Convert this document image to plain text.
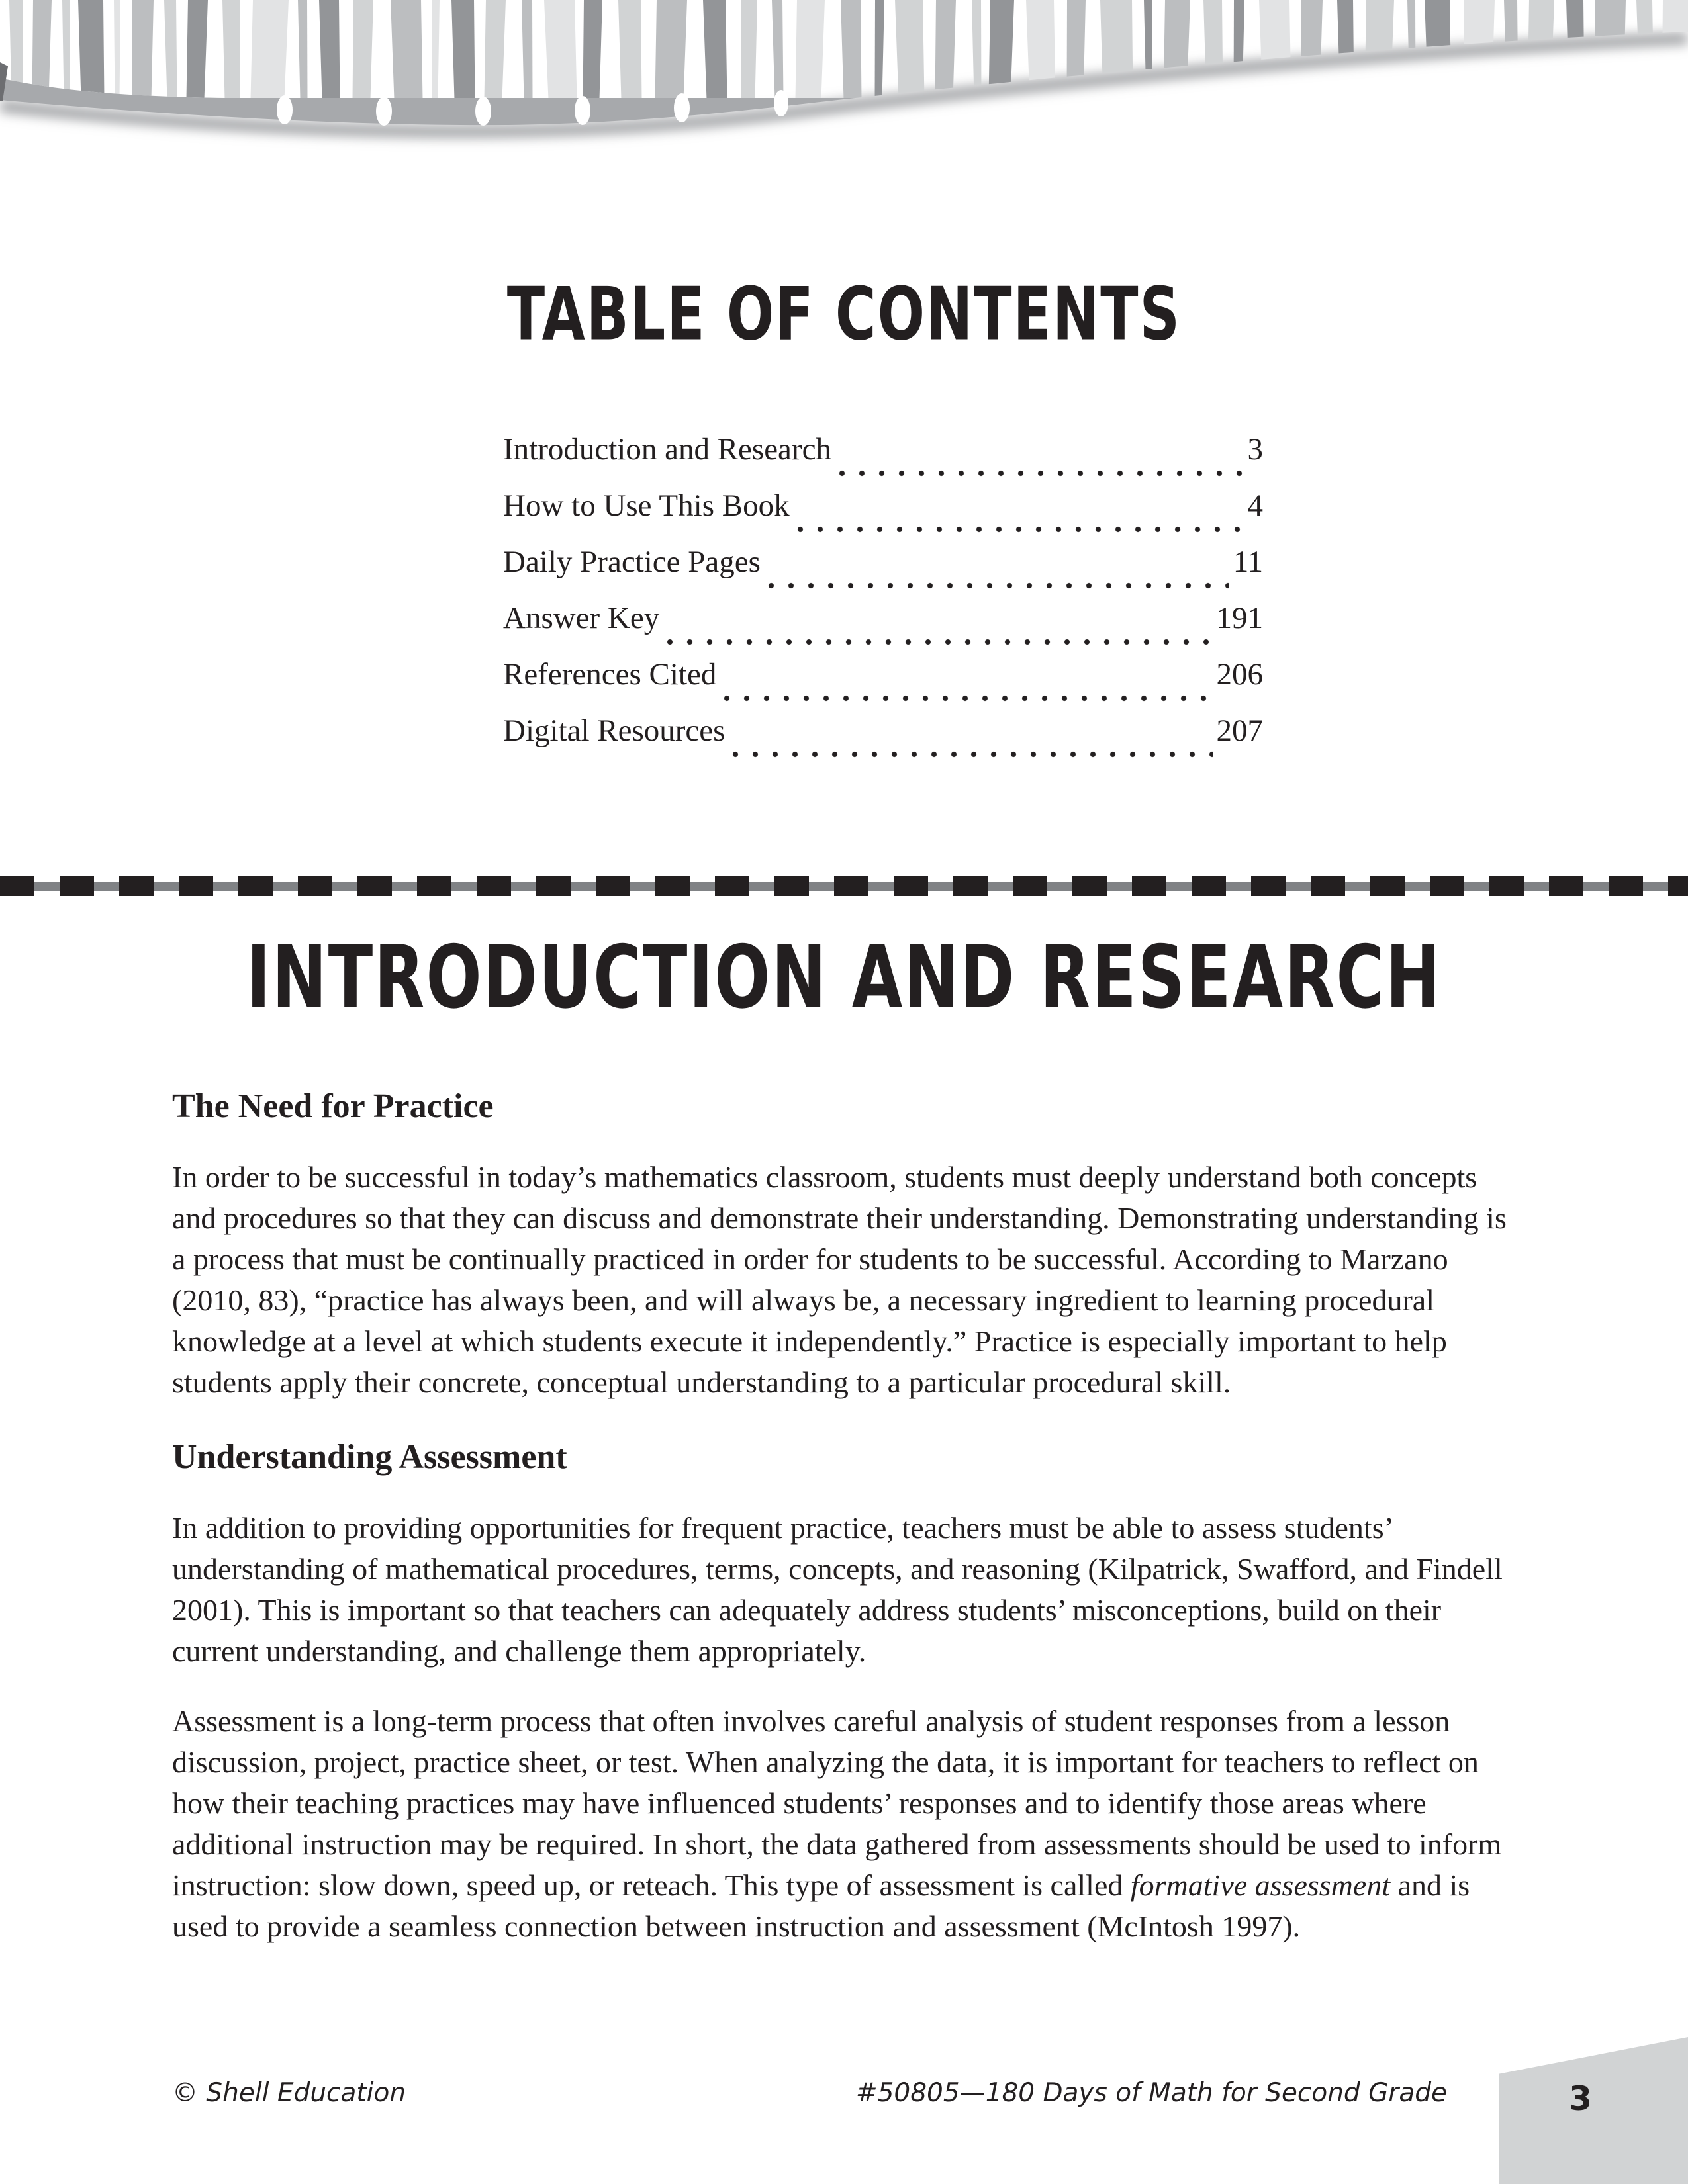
TABLE OF CONTENTS
Introduction and Research	3
How to Use This Book	4
Daily Practice Pages	11
Answer Key	191
References Cited	206
Digital Resources	207
INTRODUCTION AND RESEARCH
The Need for Practice

In order to be successful in today’s mathematics classroom, students must deeply understand both concepts and procedures so that they can discuss and demonstrate their understanding. Demonstrating understanding is a process that must be continually practiced in order for students to be successful. According to Marzano (2010, 83), “practice has always been, and will always be, a necessary ingredient to learning procedural knowledge at a level at which students execute it independently.” Practice is especially important to help students apply their concrete, conceptual understanding to a particular procedural skill.

Understanding Assessment

In addition to providing opportunities for frequent practice, teachers must be able to assess students’ understanding of mathematical procedures, terms, concepts, and reasoning (Kilpatrick, Swafford, and Findell 2001). This is important so that teachers can adequately address students’ misconceptions, build on their current understanding, and challenge them appropriately.

Assessment is a long-term process that often involves careful analysis of student responses from a lesson discussion, project, practice sheet, or test. When analyzing the data, it is important for teachers to reflect on how their teaching practices may have influenced students’ responses and to identify those areas where additional instruction may be required. In short, the data gathered from assessments should be used to inform instruction: slow down, speed up, or reteach. This type of assessment is called formative assessment and is used to provide a seamless connection between instruction and assessment (McIntosh 1997).

© Shell Education	#50805—180 Days of Math for Second Grade	3
